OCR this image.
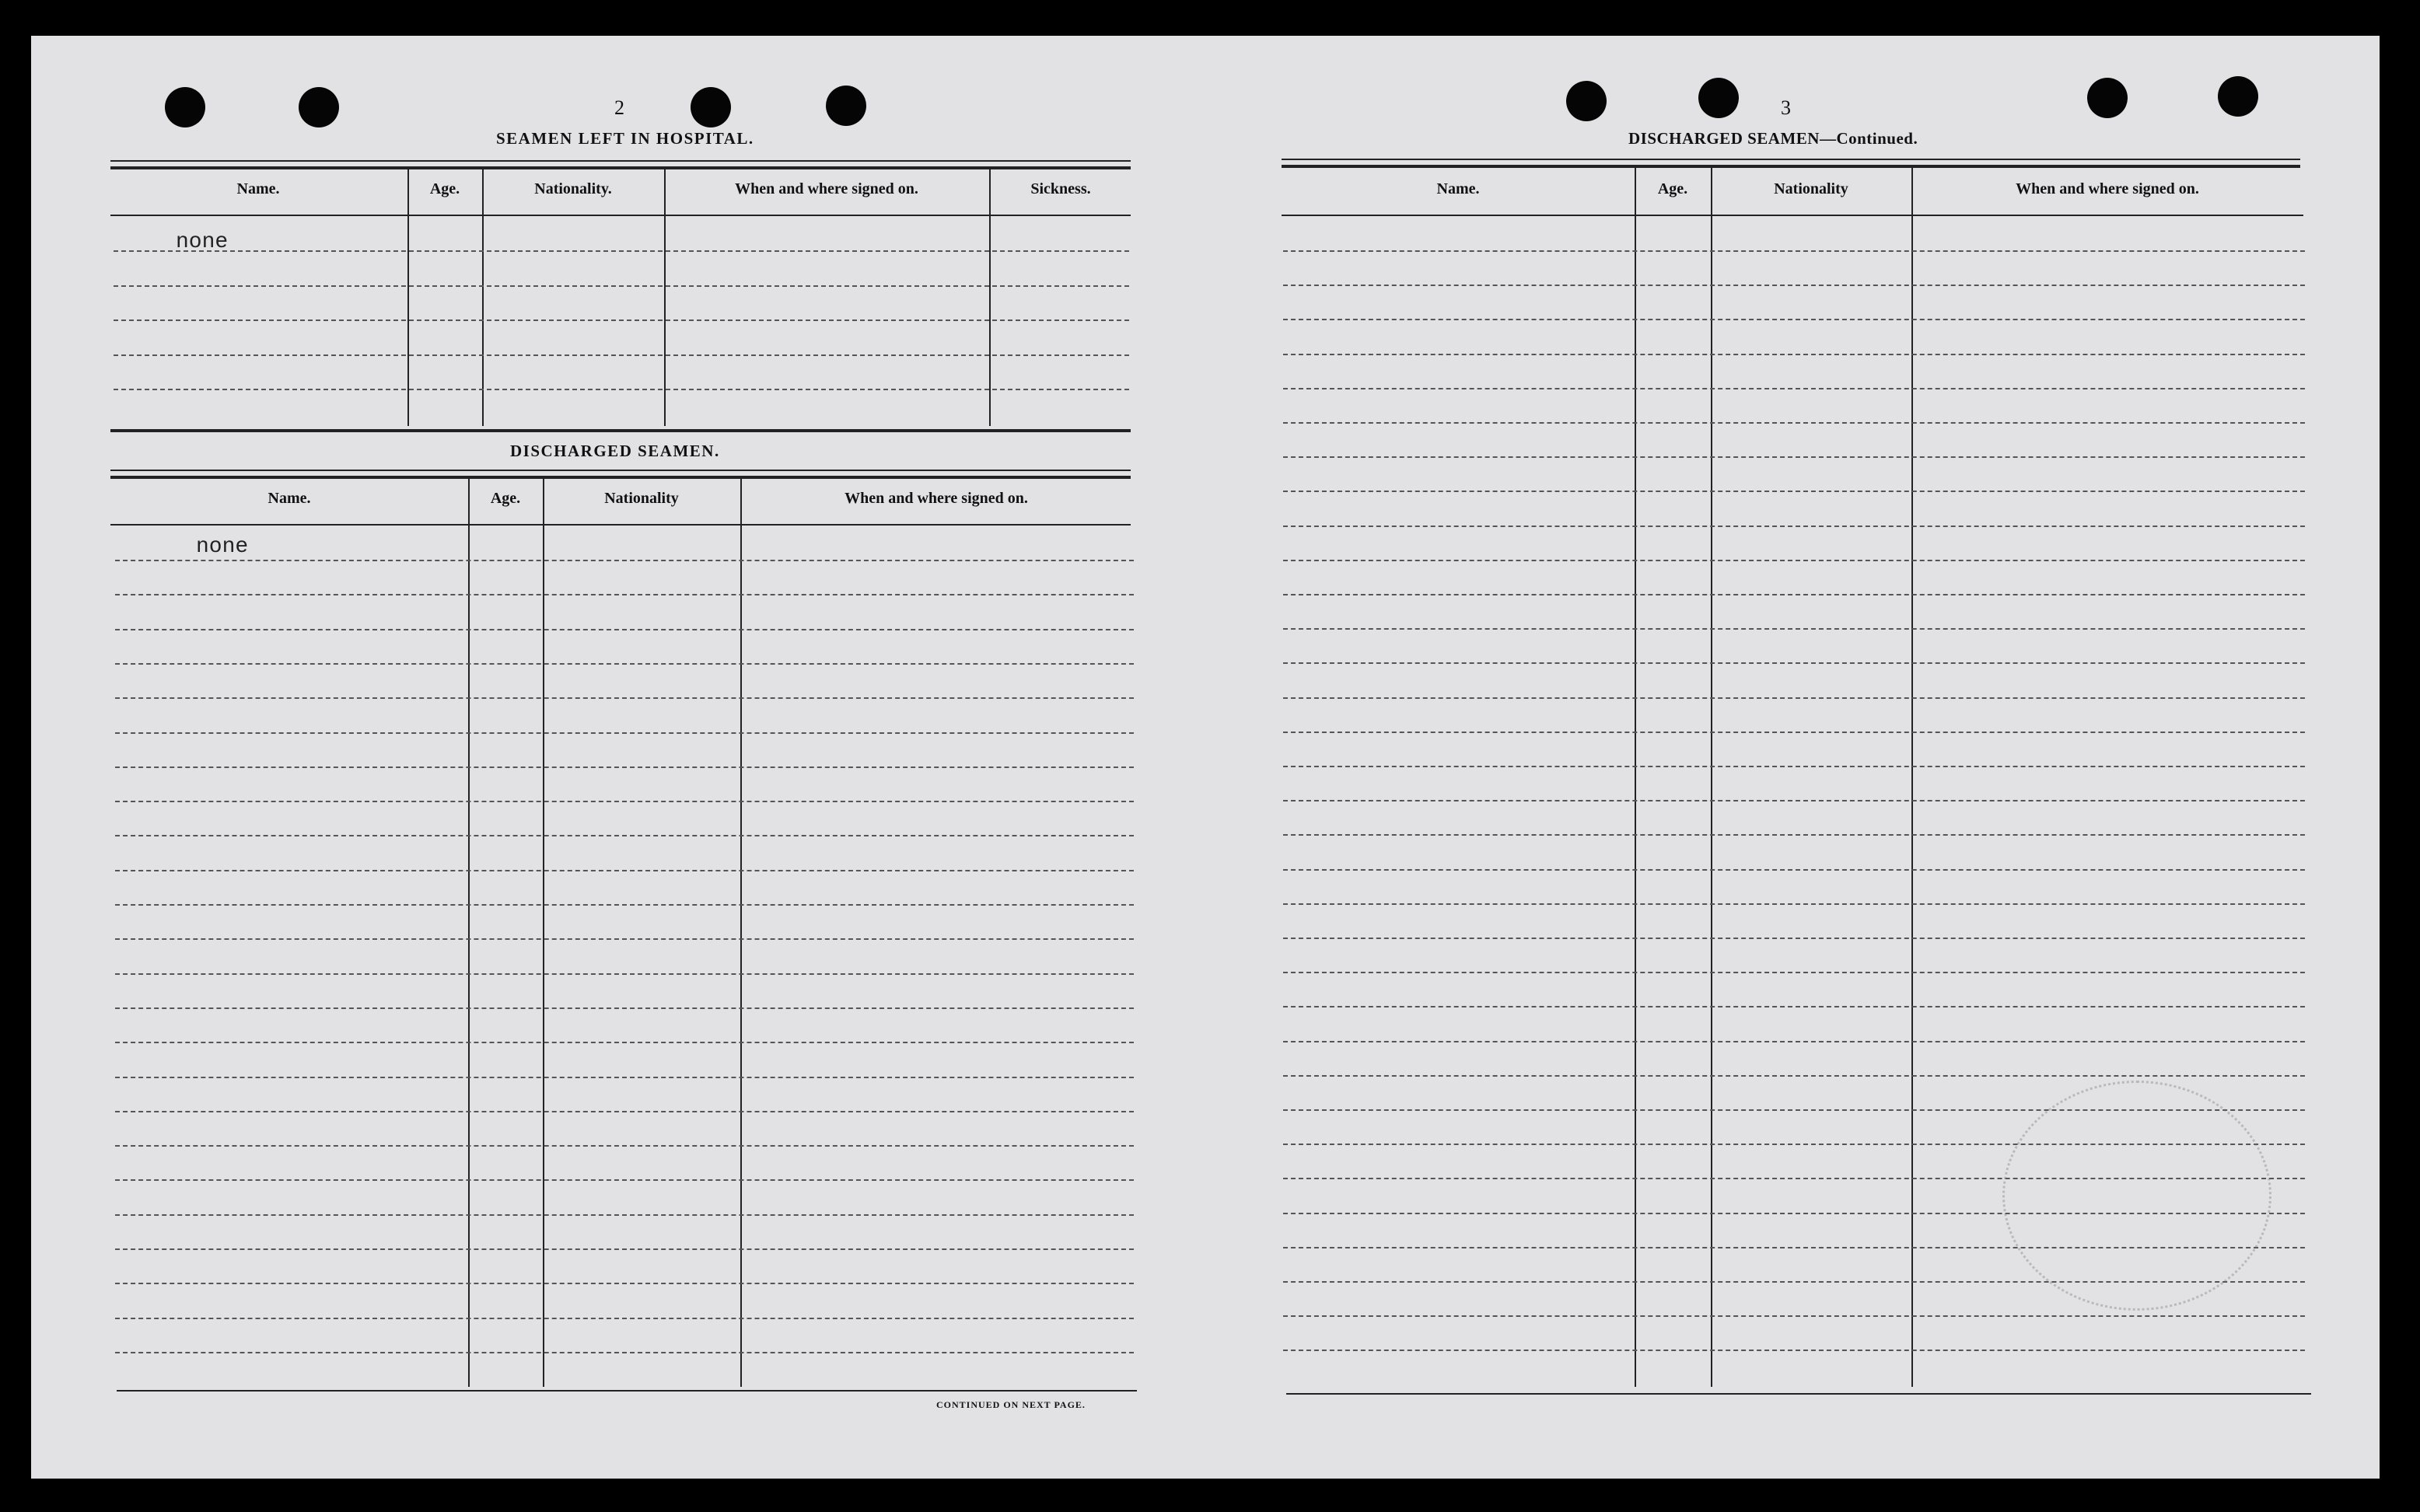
2
SEAMEN LEFT IN HOSPITAL.
Name.	Age.	Nationality.	When and where signed on.	Sickness.
none
DISCHARGED SEAMEN.
Name.	Age.	Nationality	When and where signed on.
none
CONTINUED ON NEXT PAGE.
3
DISCHARGED SEAMEN—Continued.
Name.	Age.	Nationality	When and where signed on.
